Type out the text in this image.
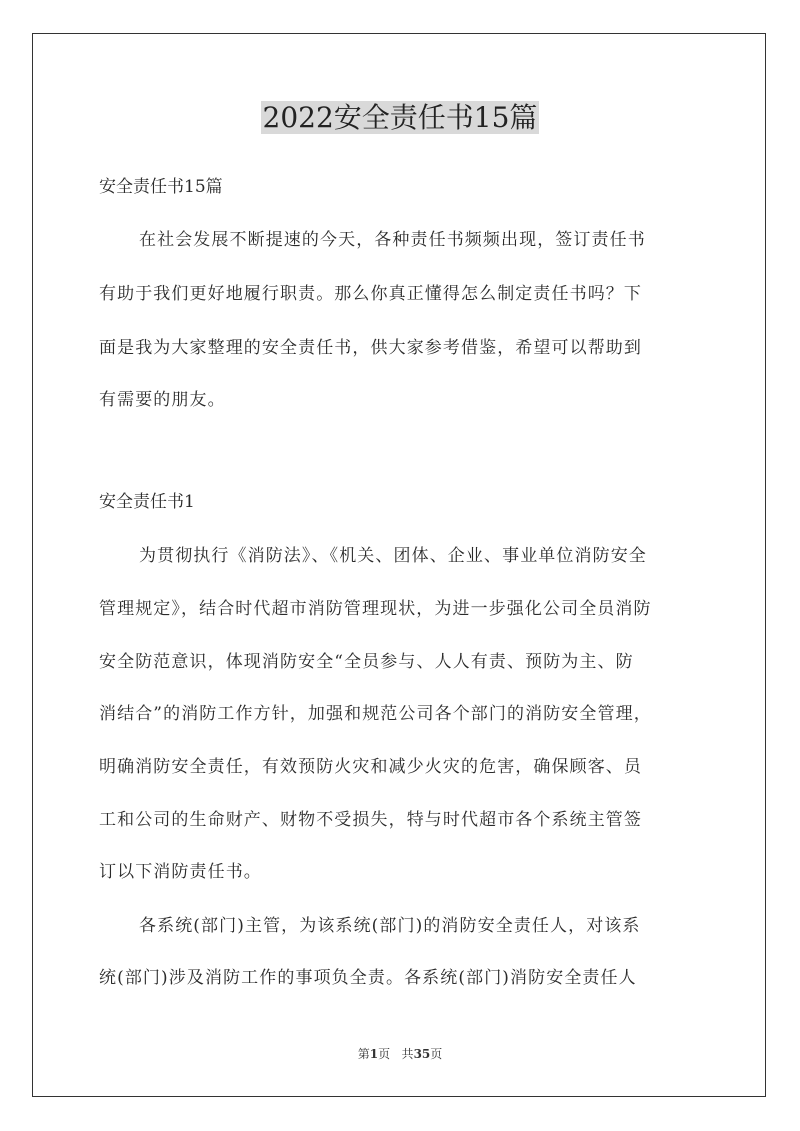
2022安全责任书15篇
安全责任书15篇
在社会发展不断提速的今天，各种责任书频频出现，签订责任书
有助于我们更好地履行职责。那么你真正懂得怎么制定责任书吗？下
面是我为大家整理的安全责任书，供大家参考借鉴，希望可以帮助到
有需要的朋友。
安全责任书1
为贯彻执行《消防法》、《机关、团体、企业、事业单位消防安全
管理规定》，结合时代超市消防管理现状，为进一步强化公司全员消防
安全防范意识，体现消防安全“全员参与、人人有责、预防为主、防
消结合”的消防工作方针，加强和规范公司各个部门的消防安全管理，
明确消防安全责任，有效预防火灾和减少火灾的危害，确保顾客、员
工和公司的生命财产、财物不受损失，特与时代超市各个系统主管签
订以下消防责任书。
各系统(部门)主管，为该系统(部门)的消防安全责任人，对该系
统(部门)涉及消防工作的事项负全责。各系统(部门)消防安全责任人
第1页 共35页
